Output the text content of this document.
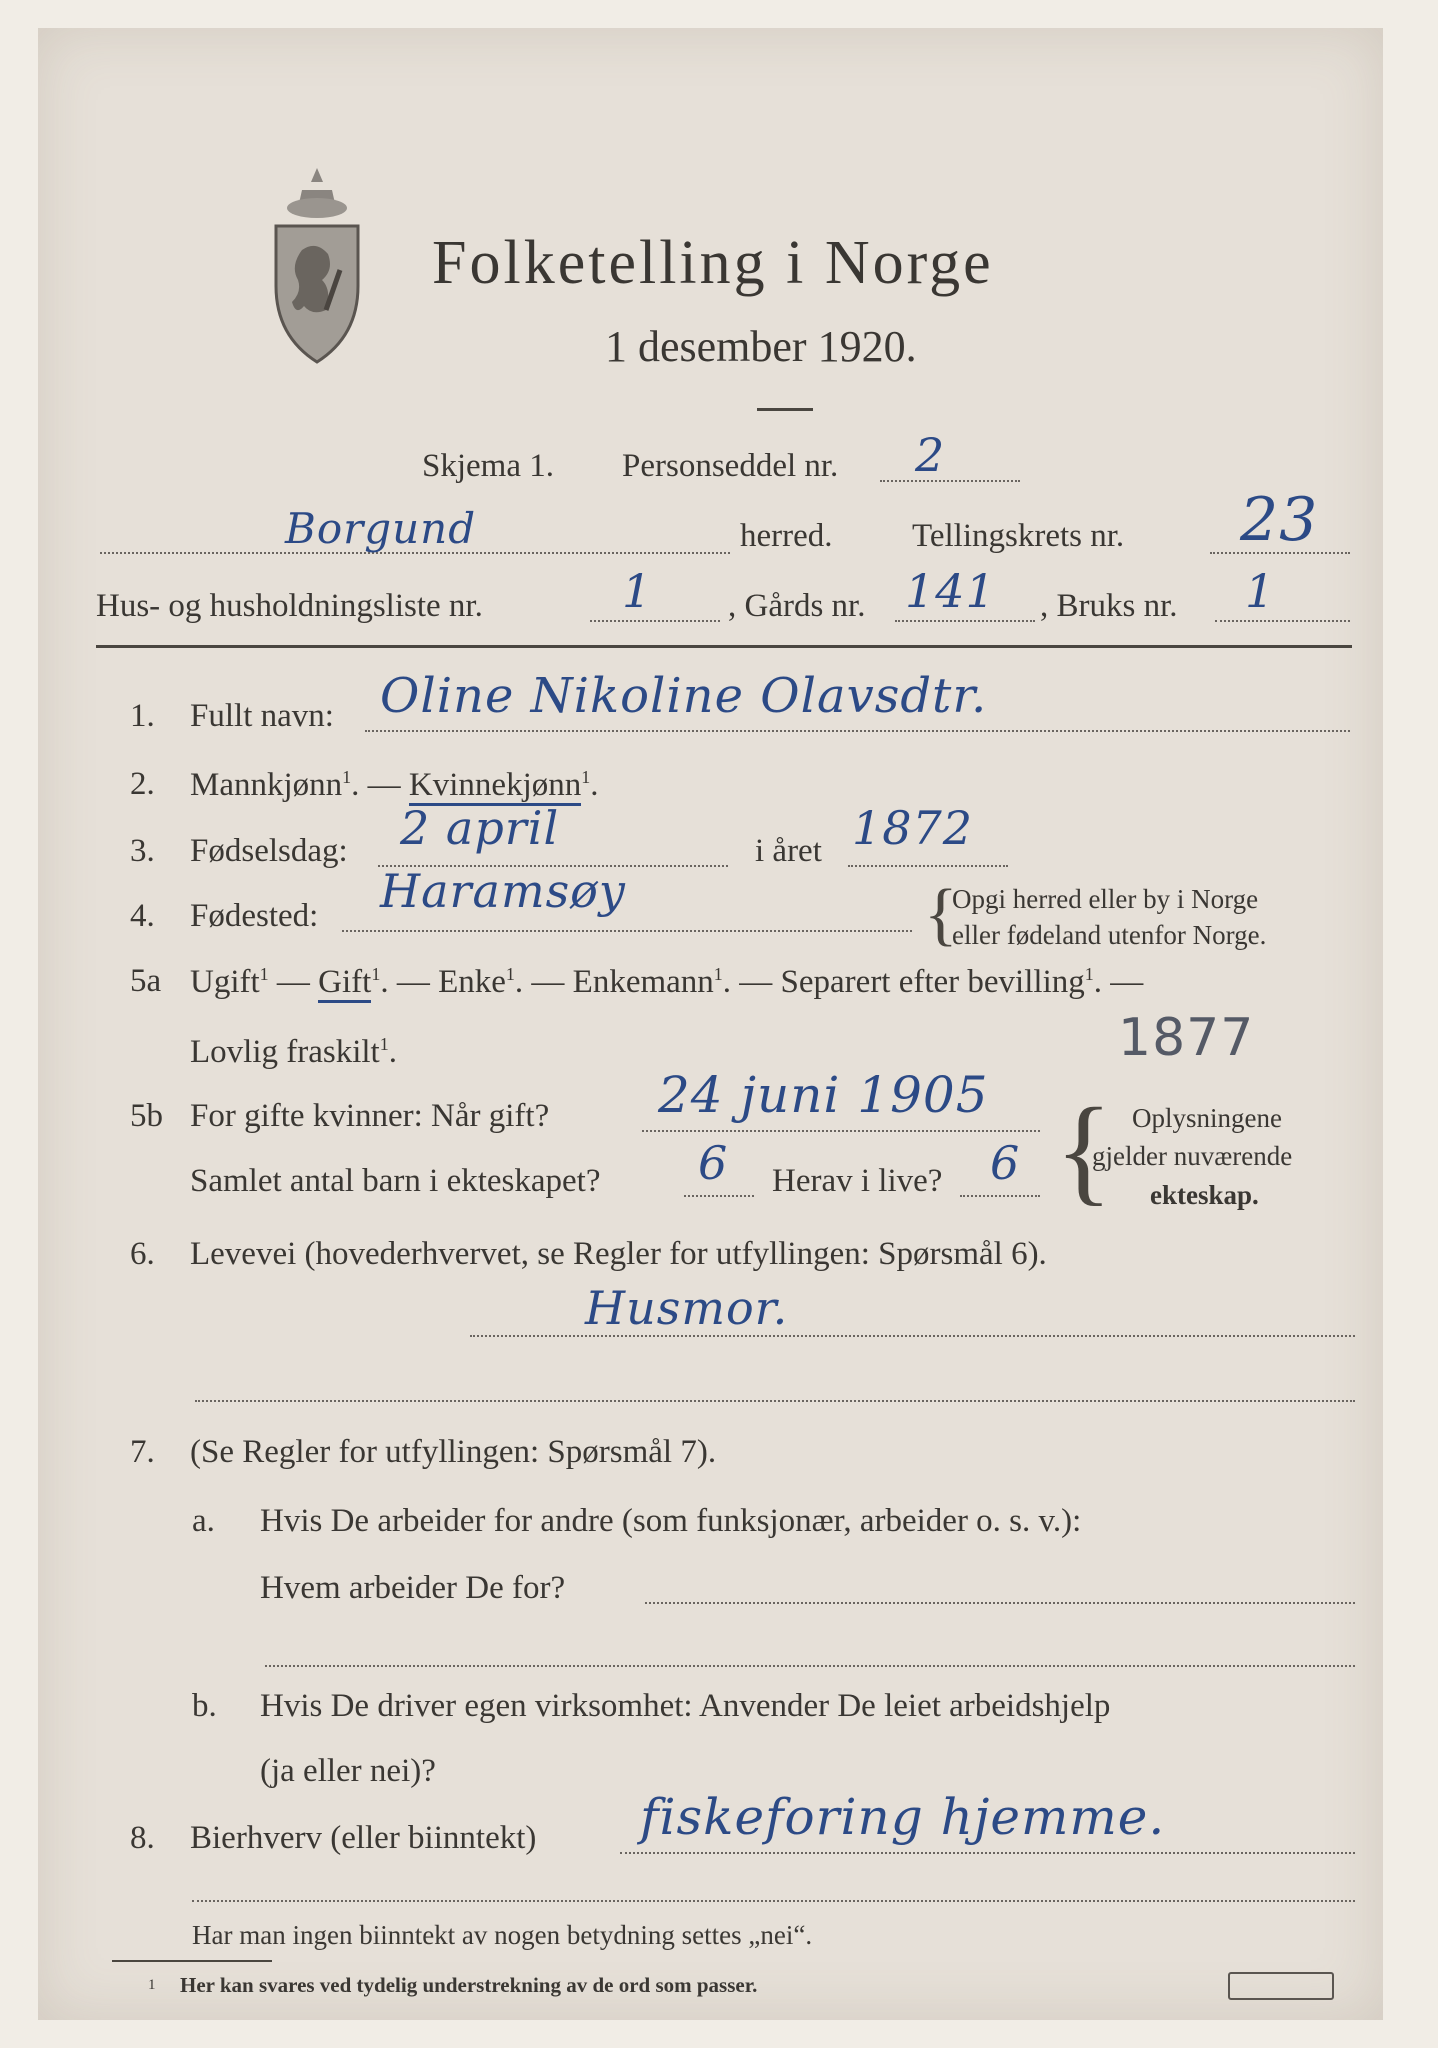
Folketelling i Norge
1 desember 1920.
Skjema 1. Personseddel nr. 2
Borgund	herred. Tellingskrets nr. 23
Hus- og husholdningsliste nr.	1 , Gårds nr. 141 , Bruks nr. 1
1.	Fullt navn: Oline Nikoline Olavsdtr.
2.	Mannkjønn$^1$. — Kvinnekjønn$^1$.
3.	Fødselsdag: 2 april	i året 1872
4.	Fødested: Haramsøy	{
Opgi herred eller by i Norge
eller fødeland utenfor Norge.
5a Ugift$^1$ — Gift$^1$. — Enke$^1$. — Enkemann$^1$. — Separert efter bevilling$^1$. —
Lovlig fraskilt$^1$.	1877
5b For gifte kvinner: Når gift? 24 juni 1905
Samlet antal barn i ekteskapet? 6 Herav i live? 6 { Oplysningene
gjelder nuværende
ekteskap.
6.	Levevei (hovederhvervet, se Regler for utfyllingen: Spørsmål 6).
Husmor.
7.	(Se Regler for utfyllingen: Spørsmål 7).
a. Hvis De arbeider for andre (som funksjonær, arbeider o. s. v.):
Hvem arbeider De for?
b. Hvis De driver egen virksomhet: Anvender De leiet arbeidshjelp
(ja eller nei)?
8.	Bierhverv (eller biinntekt) fiskeforing hjemme.
Har man ingen biinntekt av nogen betydning settes „nei“.
1 Her kan svares ved tydelig understrekning av de ord som passer.
